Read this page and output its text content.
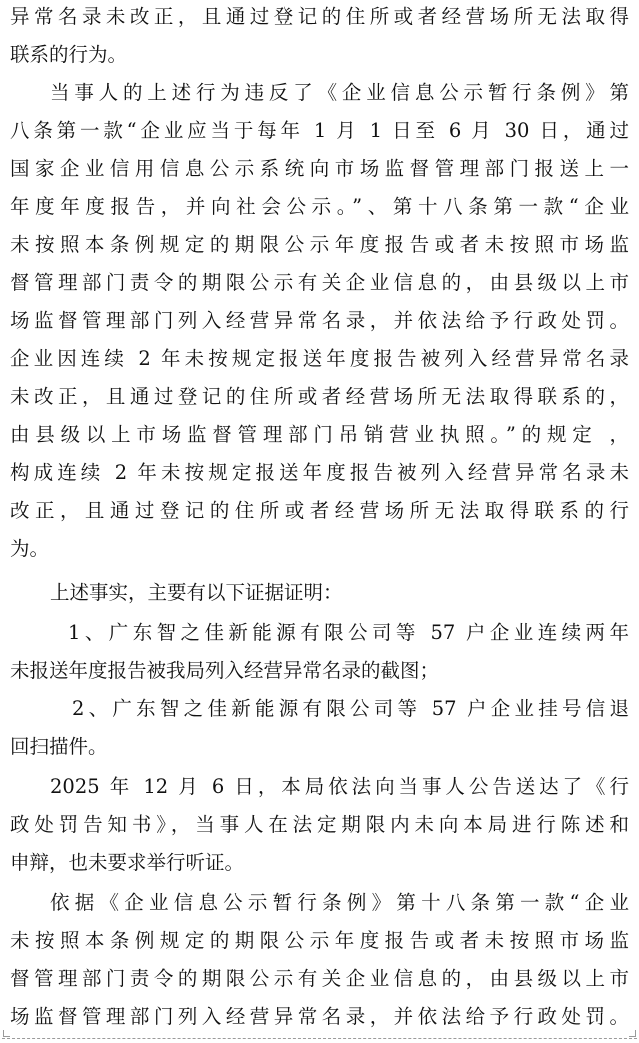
异常名录未改正，且通过登记的住所或者经营场所无法取得
联系的行为。
当事人的上述行为违反了《企业信息公示暂行条例》第
八条第一款“企业应当于每年 1 月 1 日至 6 月 30 日，通过
国家企业信用信息公示系统向市场监督管理部门报送上一
年度年度报告，并向社会公示。”、第十八条第一款“企业
未按照本条例规定的期限公示年度报告或者未按照市场监
督管理部门责令的期限公示有关企业信息的，由县级以上市
场监督管理部门列入经营异常名录，并依法给予行政处罚。
企业因连续 2 年未按规定报送年度报告被列入经营异常名录
未改正，且通过登记的住所或者经营场所无法取得联系的，
由县级以上市场监督管理部门吊销营业执照。”的规定 ，
构成连续 2 年未按规定报送年度报告被列入经营异常名录未
改正，且通过登记的住所或者经营场所无法取得联系的行
为。
上述事实，主要有以下证据证明：
1、广东智之佳新能源有限公司等 57 户企业连续两年
未报送年度报告被我局列入经营异常名录的截图；
2、广东智之佳新能源有限公司等 57 户企业挂号信退
回扫描件。
2025 年 12 月 6 日，本局依法向当事人公告送达了《行
政处罚告知书》，当事人在法定期限内未向本局进行陈述和
申辩，也未要求举行听证。
依据《企业信息公示暂行条例》第十八条第一款“企业
未按照本条例规定的期限公示年度报告或者未按照市场监
督管理部门责令的期限公示有关企业信息的，由县级以上市
场监督管理部门列入经营异常名录，并依法给予行政处罚。
